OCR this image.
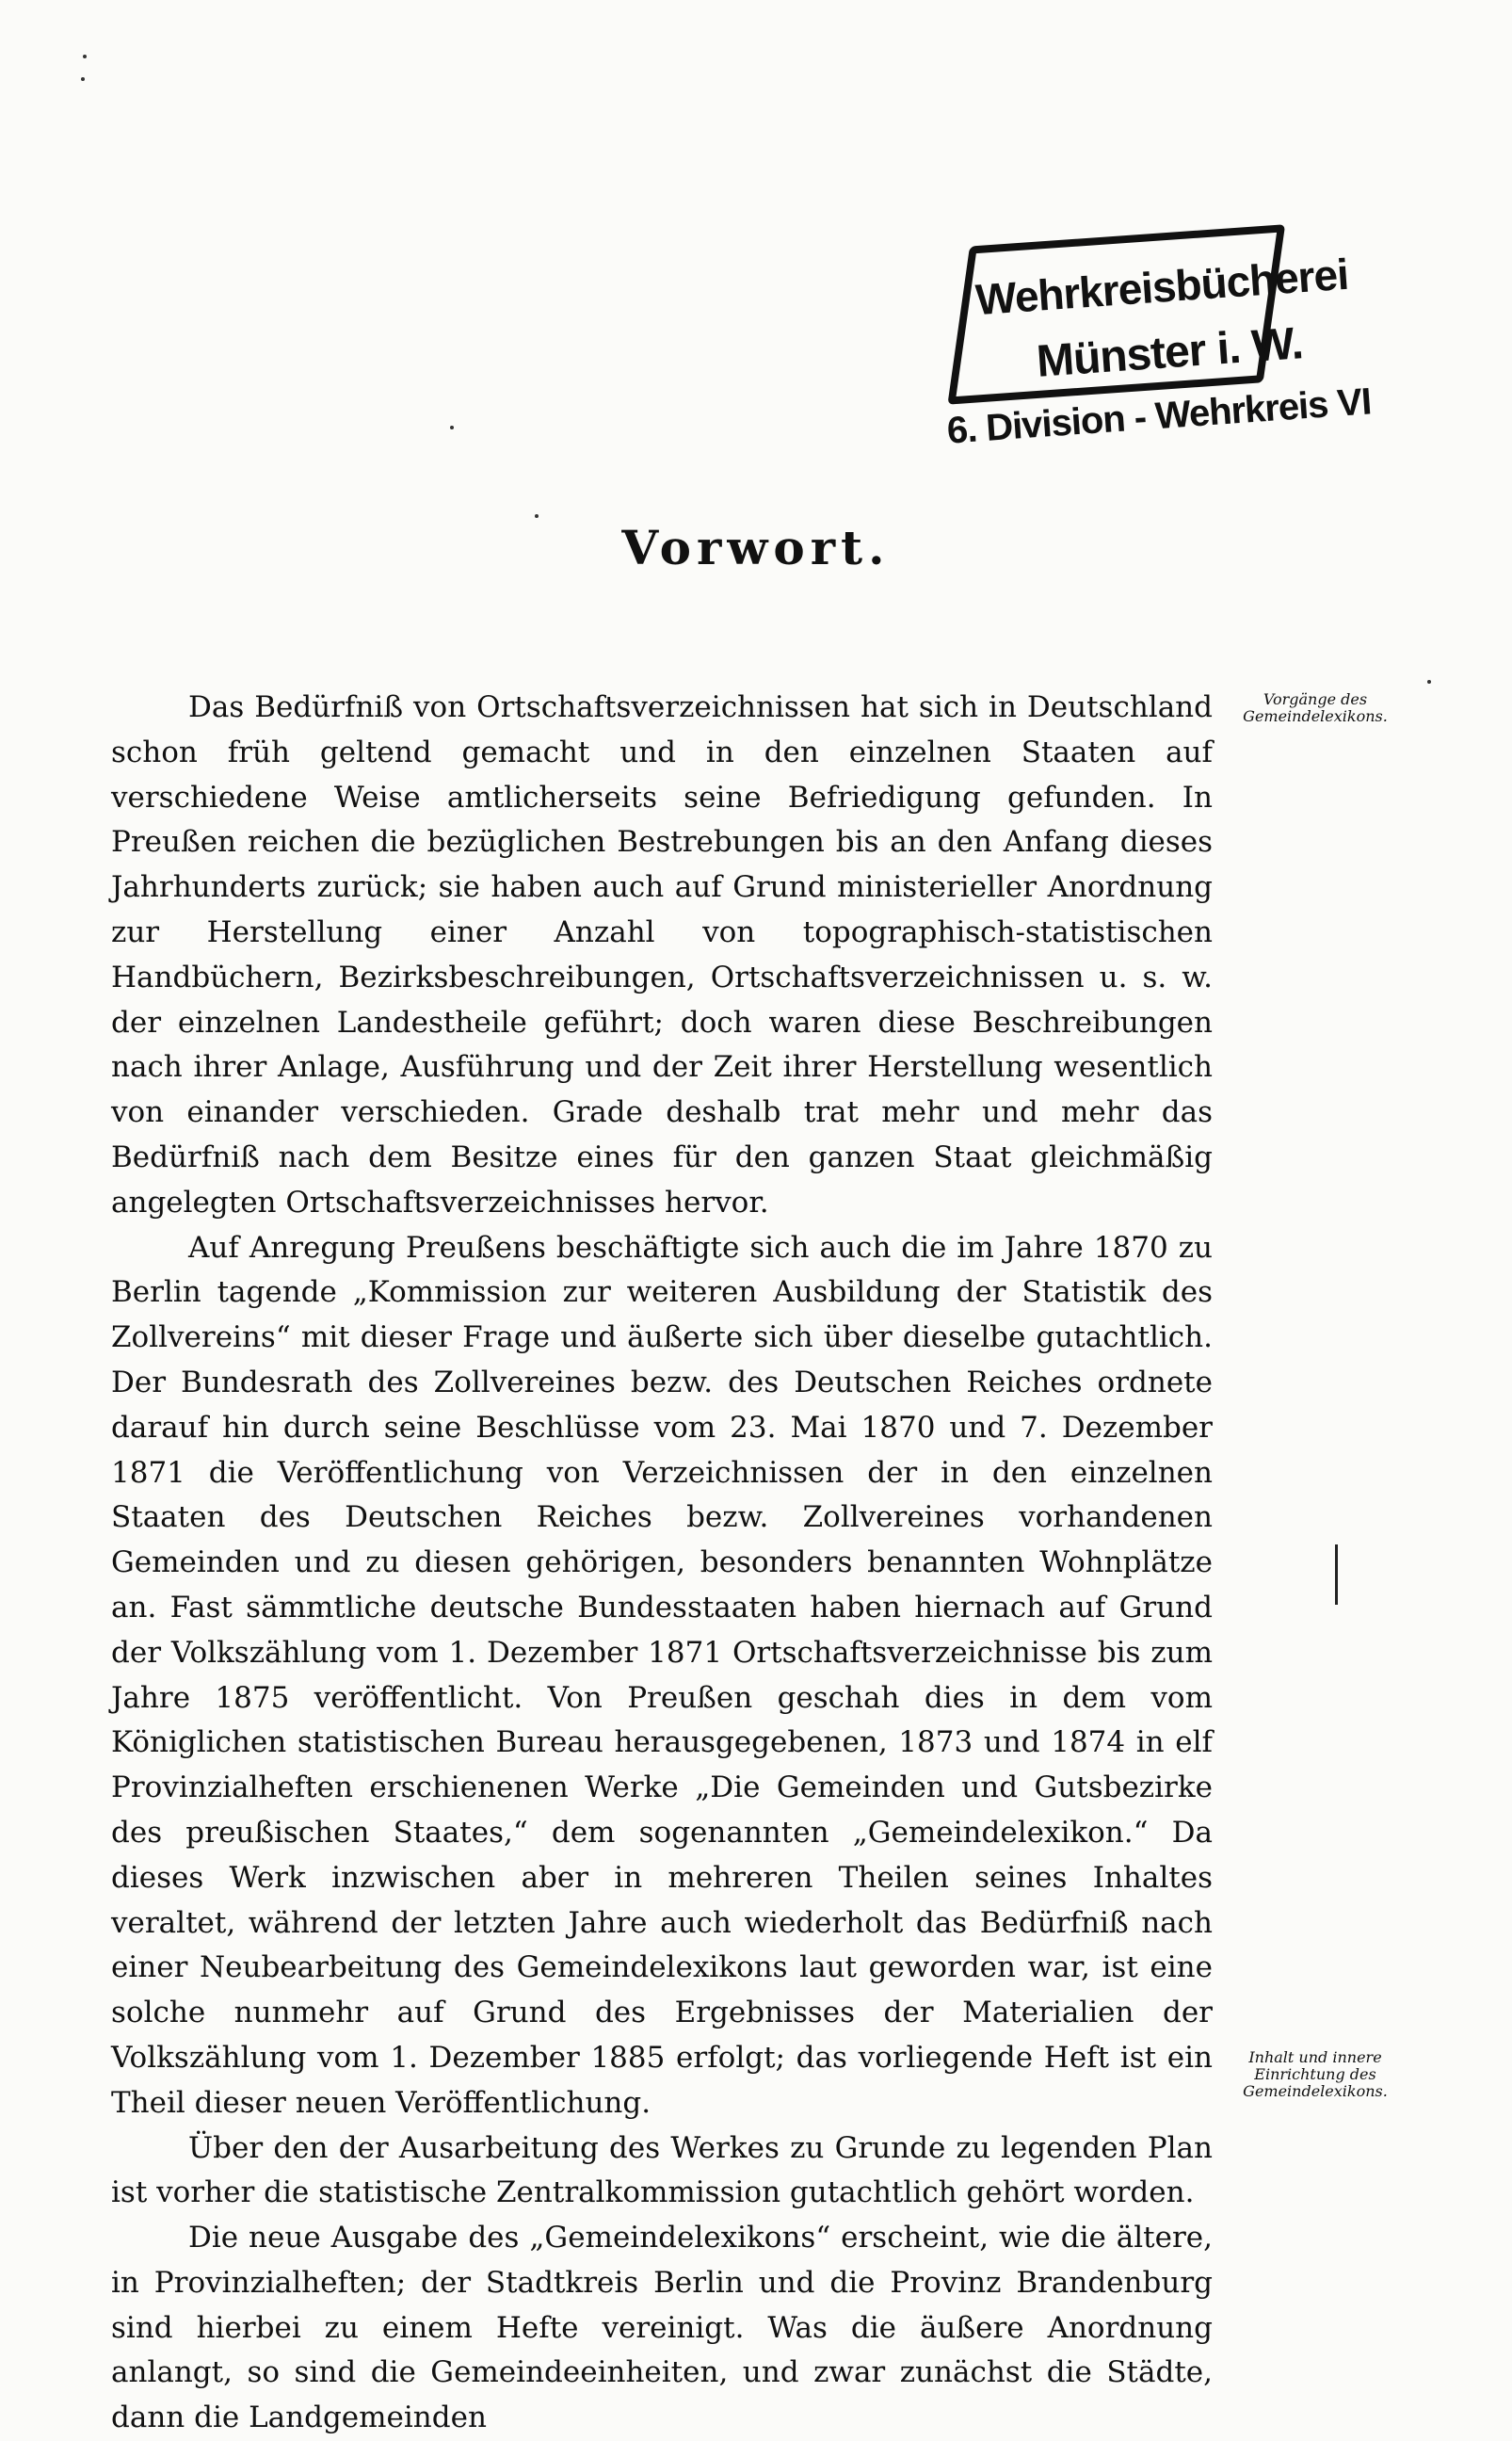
Wehrkreisbücherei
Münster i. W.
6. Division - Wehrkreis VI
Vorwort.

Das Bedürfniß von Ortschaftsverzeichnissen hat sich in Deutschland schon früh geltend gemacht und in den einzelnen Staaten auf verschiedene Weise amtlicherseits seine Befriedigung gefunden. In Preußen reichen die bezüglichen Bestrebungen bis an den Anfang dieses Jahrhunderts zurück; sie haben auch auf Grund ministerieller Anordnung zur Herstellung einer Anzahl von topographisch-statistischen Handbüchern, Bezirksbeschreibungen, Ortschaftsverzeichnissen u. s. w. der einzelnen Landestheile geführt; doch waren diese Beschreibungen nach ihrer Anlage, Ausführung und der Zeit ihrer Herstellung wesentlich von einander verschieden. Grade deshalb trat mehr und mehr das Bedürfniß nach dem Besitze eines für den ganzen Staat gleichmäßig angelegten Ortschaftsverzeichnisses hervor.

Auf Anregung Preußens beschäftigte sich auch die im Jahre 1870 zu Berlin tagende „Kommission zur weiteren Ausbildung der Statistik des Zollvereins“ mit dieser Frage und äußerte sich über dieselbe gutachtlich. Der Bundesrath des Zollvereines bezw. des Deutschen Reiches ordnete darauf hin durch seine Beschlüsse vom 23. Mai 1870 und 7. Dezember 1871 die Veröffentlichung von Verzeichnissen der in den einzelnen Staaten des Deutschen Reiches bezw. Zollvereines vorhandenen Gemeinden und zu diesen gehörigen, besonders benannten Wohnplätze an. Fast sämmtliche deutsche Bundesstaaten haben hiernach auf Grund der Volkszählung vom 1. Dezember 1871 Ortschaftsverzeichnisse bis zum Jahre 1875 veröffentlicht. Von Preußen geschah dies in dem vom Königlichen statistischen Bureau herausgegebenen, 1873 und 1874 in elf Provinzialheften erschienenen Werke „Die Gemeinden und Gutsbezirke des preußischen Staates,“ dem sogenannten „Gemeindelexikon.“ Da dieses Werk inzwischen aber in mehreren Theilen seines Inhaltes veraltet, während der letzten Jahre auch wiederholt das Bedürfniß nach einer Neubearbeitung des Gemeindelexikons laut geworden war, ist eine solche nunmehr auf Grund des Ergebnisses der Materialien der Volkszählung vom 1. Dezember 1885 erfolgt; das vorliegende Heft ist ein Theil dieser neuen Veröffentlichung.

Über den der Ausarbeitung des Werkes zu Grunde zu legenden Plan ist vorher die statistische Zentralkommission gutachtlich gehört worden.

Die neue Ausgabe des „Gemeindelexikons“ erscheint, wie die ältere, in Provinzialheften; der Stadtkreis Berlin und die Provinz Brandenburg sind hierbei zu einem Hefte vereinigt. Was die äußere Anordnung anlangt, so sind die Gemeindeeinheiten, und zwar zunächst die Städte, dann die Landgemeinden

Vorgänge des Gemeindelexikons.
Inhalt und innere Einrichtung des Gemeindelexikons.
